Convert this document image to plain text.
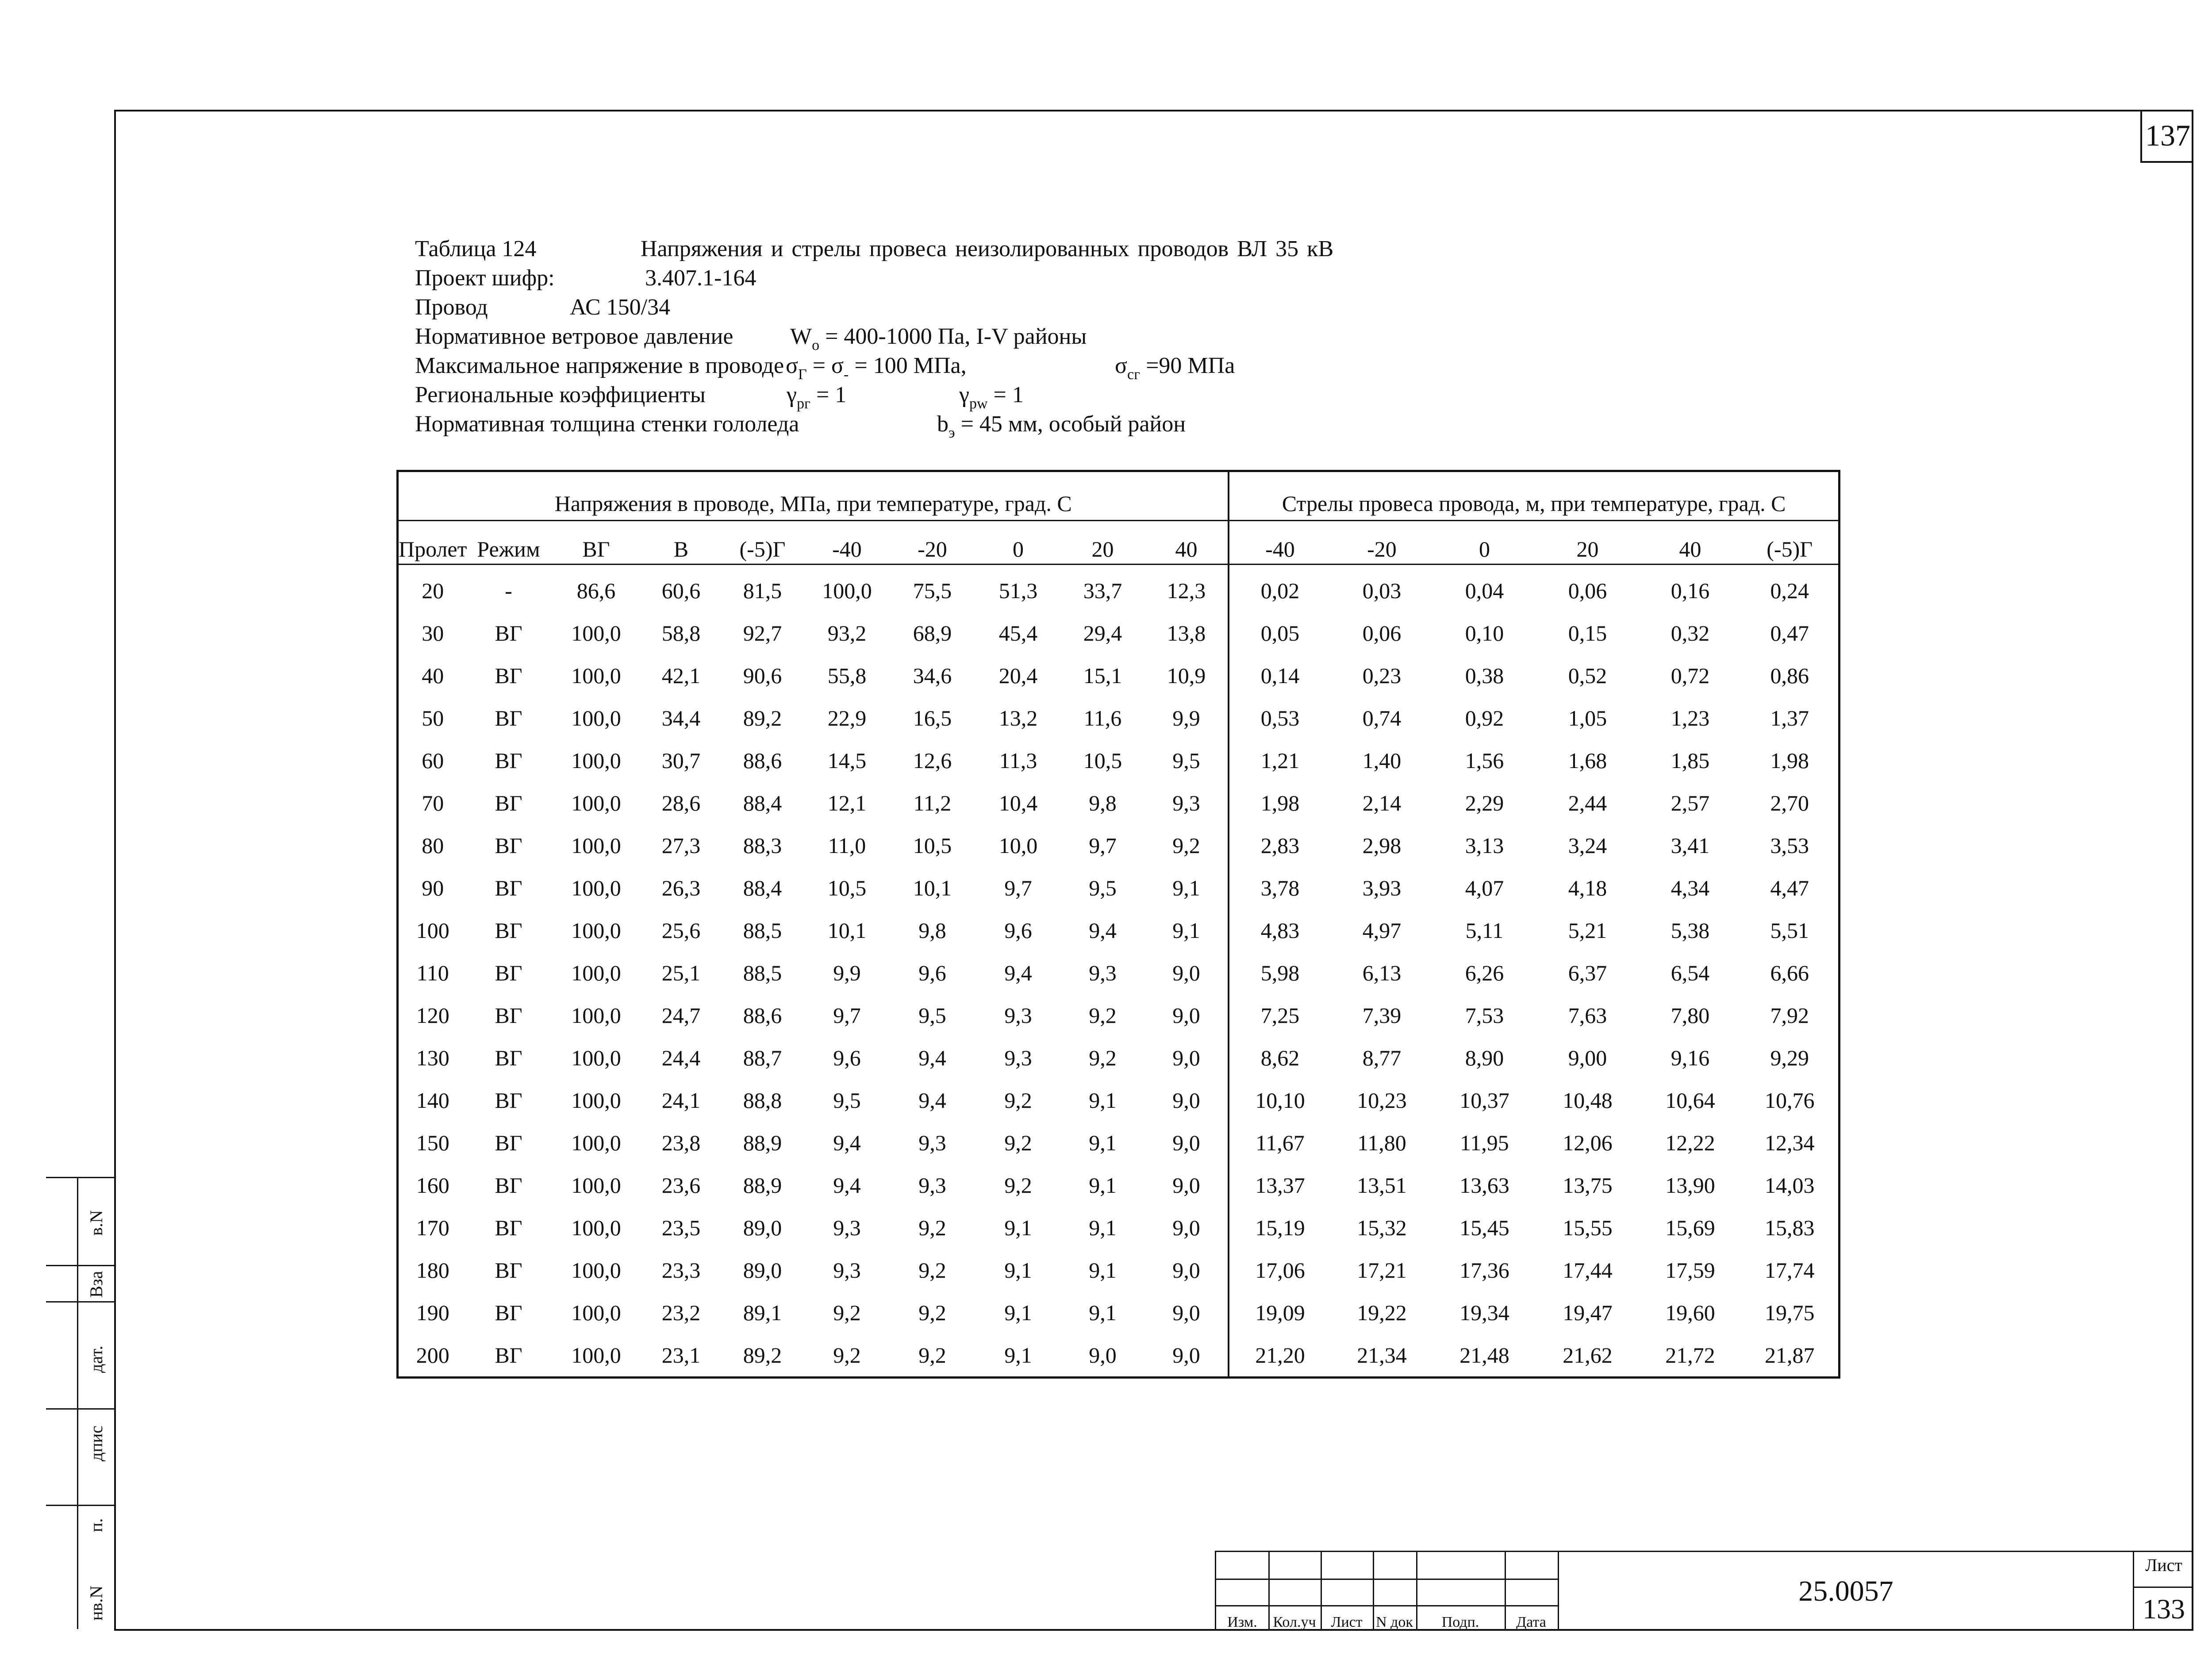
137
Таблица 124	Напряжения и стрелы провеса неизолированных проводов ВЛ 35 кВ
Проект шифр:	3.407.1-164
Провод	АС 150/34
Нормативное ветровое давление $W_o = 400-1000$ Па, I-V районы
Максимальное напряжение в проводе $\sigma_Г = \sigma_- = 100$ МПа,	$\sigma_{cг} =90$ МПа
Региональные коэффициенты	$\gamma_{pг} = 1$	$\gamma_{pw} = 1$
Нормативная толщина стенки гололеда	$b_э = 45$ мм, особый район
Напряжения в проводе, МПа, при температуре, град. С										Стрелы провеса провода, м, при температуре, град. С					
Пролет	Режим	ВГ	В	(-5)Г	-40	-20	0	20	40	-40	-20	0	20	40	(-5)Г
20	-	86,6	60,6	81,5	100,0	75,5	51,3	33,7	12,3	0,02	0,03	0,04	0,06	0,16	0,24
30	ВГ	100,0	58,8	92,7	93,2	68,9	45,4	29,4	13,8	0,05	0,06	0,10	0,15	0,32	0,47
40	ВГ	100,0	42,1	90,6	55,8	34,6	20,4	15,1	10,9	0,14	0,23	0,38	0,52	0,72	0,86
50	ВГ	100,0	34,4	89,2	22,9	16,5	13,2	11,6	9,9	0,53	0,74	0,92	1,05	1,23	1,37
60	ВГ	100,0	30,7	88,6	14,5	12,6	11,3	10,5	9,5	1,21	1,40	1,56	1,68	1,85	1,98
70	ВГ	100,0	28,6	88,4	12,1	11,2	10,4	9,8	9,3	1,98	2,14	2,29	2,44	2,57	2,70
80	ВГ	100,0	27,3	88,3	11,0	10,5	10,0	9,7	9,2	2,83	2,98	3,13	3,24	3,41	3,53
90	ВГ	100,0	26,3	88,4	10,5	10,1	9,7	9,5	9,1	3,78	3,93	4,07	4,18	4,34	4,47
100	ВГ	100,0	25,6	88,5	10,1	9,8	9,6	9,4	9,1	4,83	4,97	5,11	5,21	5,38	5,51
110	ВГ	100,0	25,1	88,5	9,9	9,6	9,4	9,3	9,0	5,98	6,13	6,26	6,37	6,54	6,66
120	ВГ	100,0	24,7	88,6	9,7	9,5	9,3	9,2	9,0	7,25	7,39	7,53	7,63	7,80	7,92
130	ВГ	100,0	24,4	88,7	9,6	9,4	9,3	9,2	9,0	8,62	8,77	8,90	9,00	9,16	9,29
140	ВГ	100,0	24,1	88,8	9,5	9,4	9,2	9,1	9,0	10,10	10,23	10,37	10,48	10,64	10,76
150	ВГ	100,0	23,8	88,9	9,4	9,3	9,2	9,1	9,0	11,67	11,80	11,95	12,06	12,22	12,34
160	ВГ	100,0	23,6	88,9	9,4	9,3	9,2	9,1	9,0	13,37	13,51	13,63	13,75	13,90	14,03
170	ВГ	100,0	23,5	89,0	9,3	9,2	9,1	9,1	9,0	15,19	15,32	15,45	15,55	15,69	15,83
180	ВГ	100,0	23,3	89,0	9,3	9,2	9,1	9,1	9,0	17,06	17,21	17,36	17,44	17,59	17,74
190	ВГ	100,0	23,2	89,1	9,2	9,2	9,1	9,1	9,0	19,09	19,22	19,34	19,47	19,60	19,75
200	ВГ	100,0	23,1	89,2	9,2	9,2	9,1	9,0	9,0	21,20	21,34	21,48	21,62	21,72	21,87
в.N
Вза
дат.
дпис
п.
нв.N
Изм.	Кол.уч Лист N док	Подп.	Дата
25.0057
Лист
133
